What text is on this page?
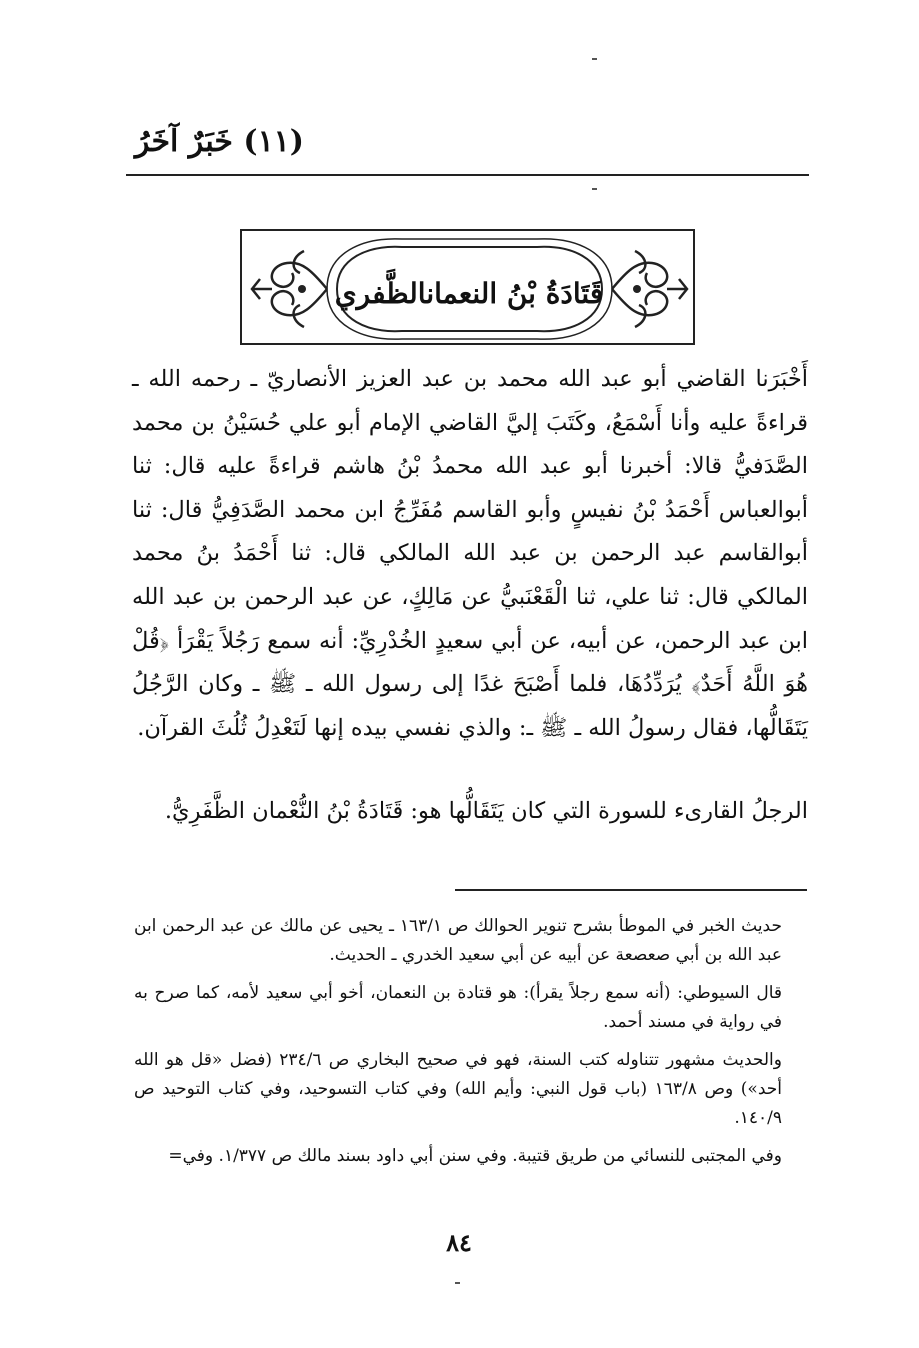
(١١) خَبَرٌ آخَرُ
قَتَادَةُ بْنُ النعمانالظَّفري

أَخْبَرَنا القاضي أبو عبد الله محمد بن عبد العزيز الأنصاريّ ـ رحمه الله ـ قراءةً عليه وأنا أَسْمَعُ، وكَتَبَ إليَّ القاضي الإمام أبو علي حُسَيْنُ بن محمد الصَّدَفيُّ قالا: أخبرنا أبو عبد الله محمدُ بْنُ هاشم قراءةً عليه قال: ثنا أبوالعباس أَحْمَدُ بْنُ نفيسٍ وأبو القاسم مُفَرِّجُ ابن محمد الصَّدَفِيُّ قال: ثنا أبوالقاسم عبد الرحمن بن عبد الله المالكي قال: ثنا أَحْمَدُ بنُ محمد المالكي قال: ثنا علي، ثنا الْقَعْنَبيُّ عن مَالِكٍ، عن عبد الرحمن بن عبد الله ابن عبد الرحمن، عن أبيه، عن أبي سعيدٍ الخُدْرِيِّ: أنه سمع رَجُلاً يَقْرَأ ﴿قُلْ هُوَ اللَّهُ أَحَدٌ﴾ يُرَدِّدُهَا، فلما أَصْبَحَ غدًا إلى رسول الله ـ ﷺ ـ وكان الرَّجُلُ يَتَقَالُّها، فقال رسولُ الله ـ ﷺ ـ: والذي نفسي بيده إنها لَتَعْدِلُ ثُلُثَ القرآن.

الرجلُ القارىء للسورة التي كان يَتَقَالُّها هو: قَتَادَةُ بْنُ النُّعْمان الظَّفَرِيُّ.

حديث الخبر في الموطأ بشرح تنوير الحوالك ص ١٦٣/١ ـ يحيى عن مالك عن عبد الرحمن ابن عبد الله بن أبي صعصعة عن أبيه عن أبي سعيد الخدري ـ الحديث.

قال السيوطي: (أنه سمع رجلاً يقرأ): هو قتادة بن النعمان، أخو أبي سعيد لأمه، كما صرح به في رواية في مسند أحمد.

والحديث مشهور تتناوله كتب السنة، فهو في صحيح البخاري ص ٢٣٤/٦ (فضل «قل هو الله أحد») وص ١٦٣/٨ (باب قول النبي: وأيم الله) وفي كتاب التسوحيد، وفي كتاب التوحيد ص ١٤٠/٩.

وفي المجتبى للنسائي من طريق قتيبة. وفي سنن أبي داود بسند مالك ص ١/٣٧٧. وفي=

٨٤
